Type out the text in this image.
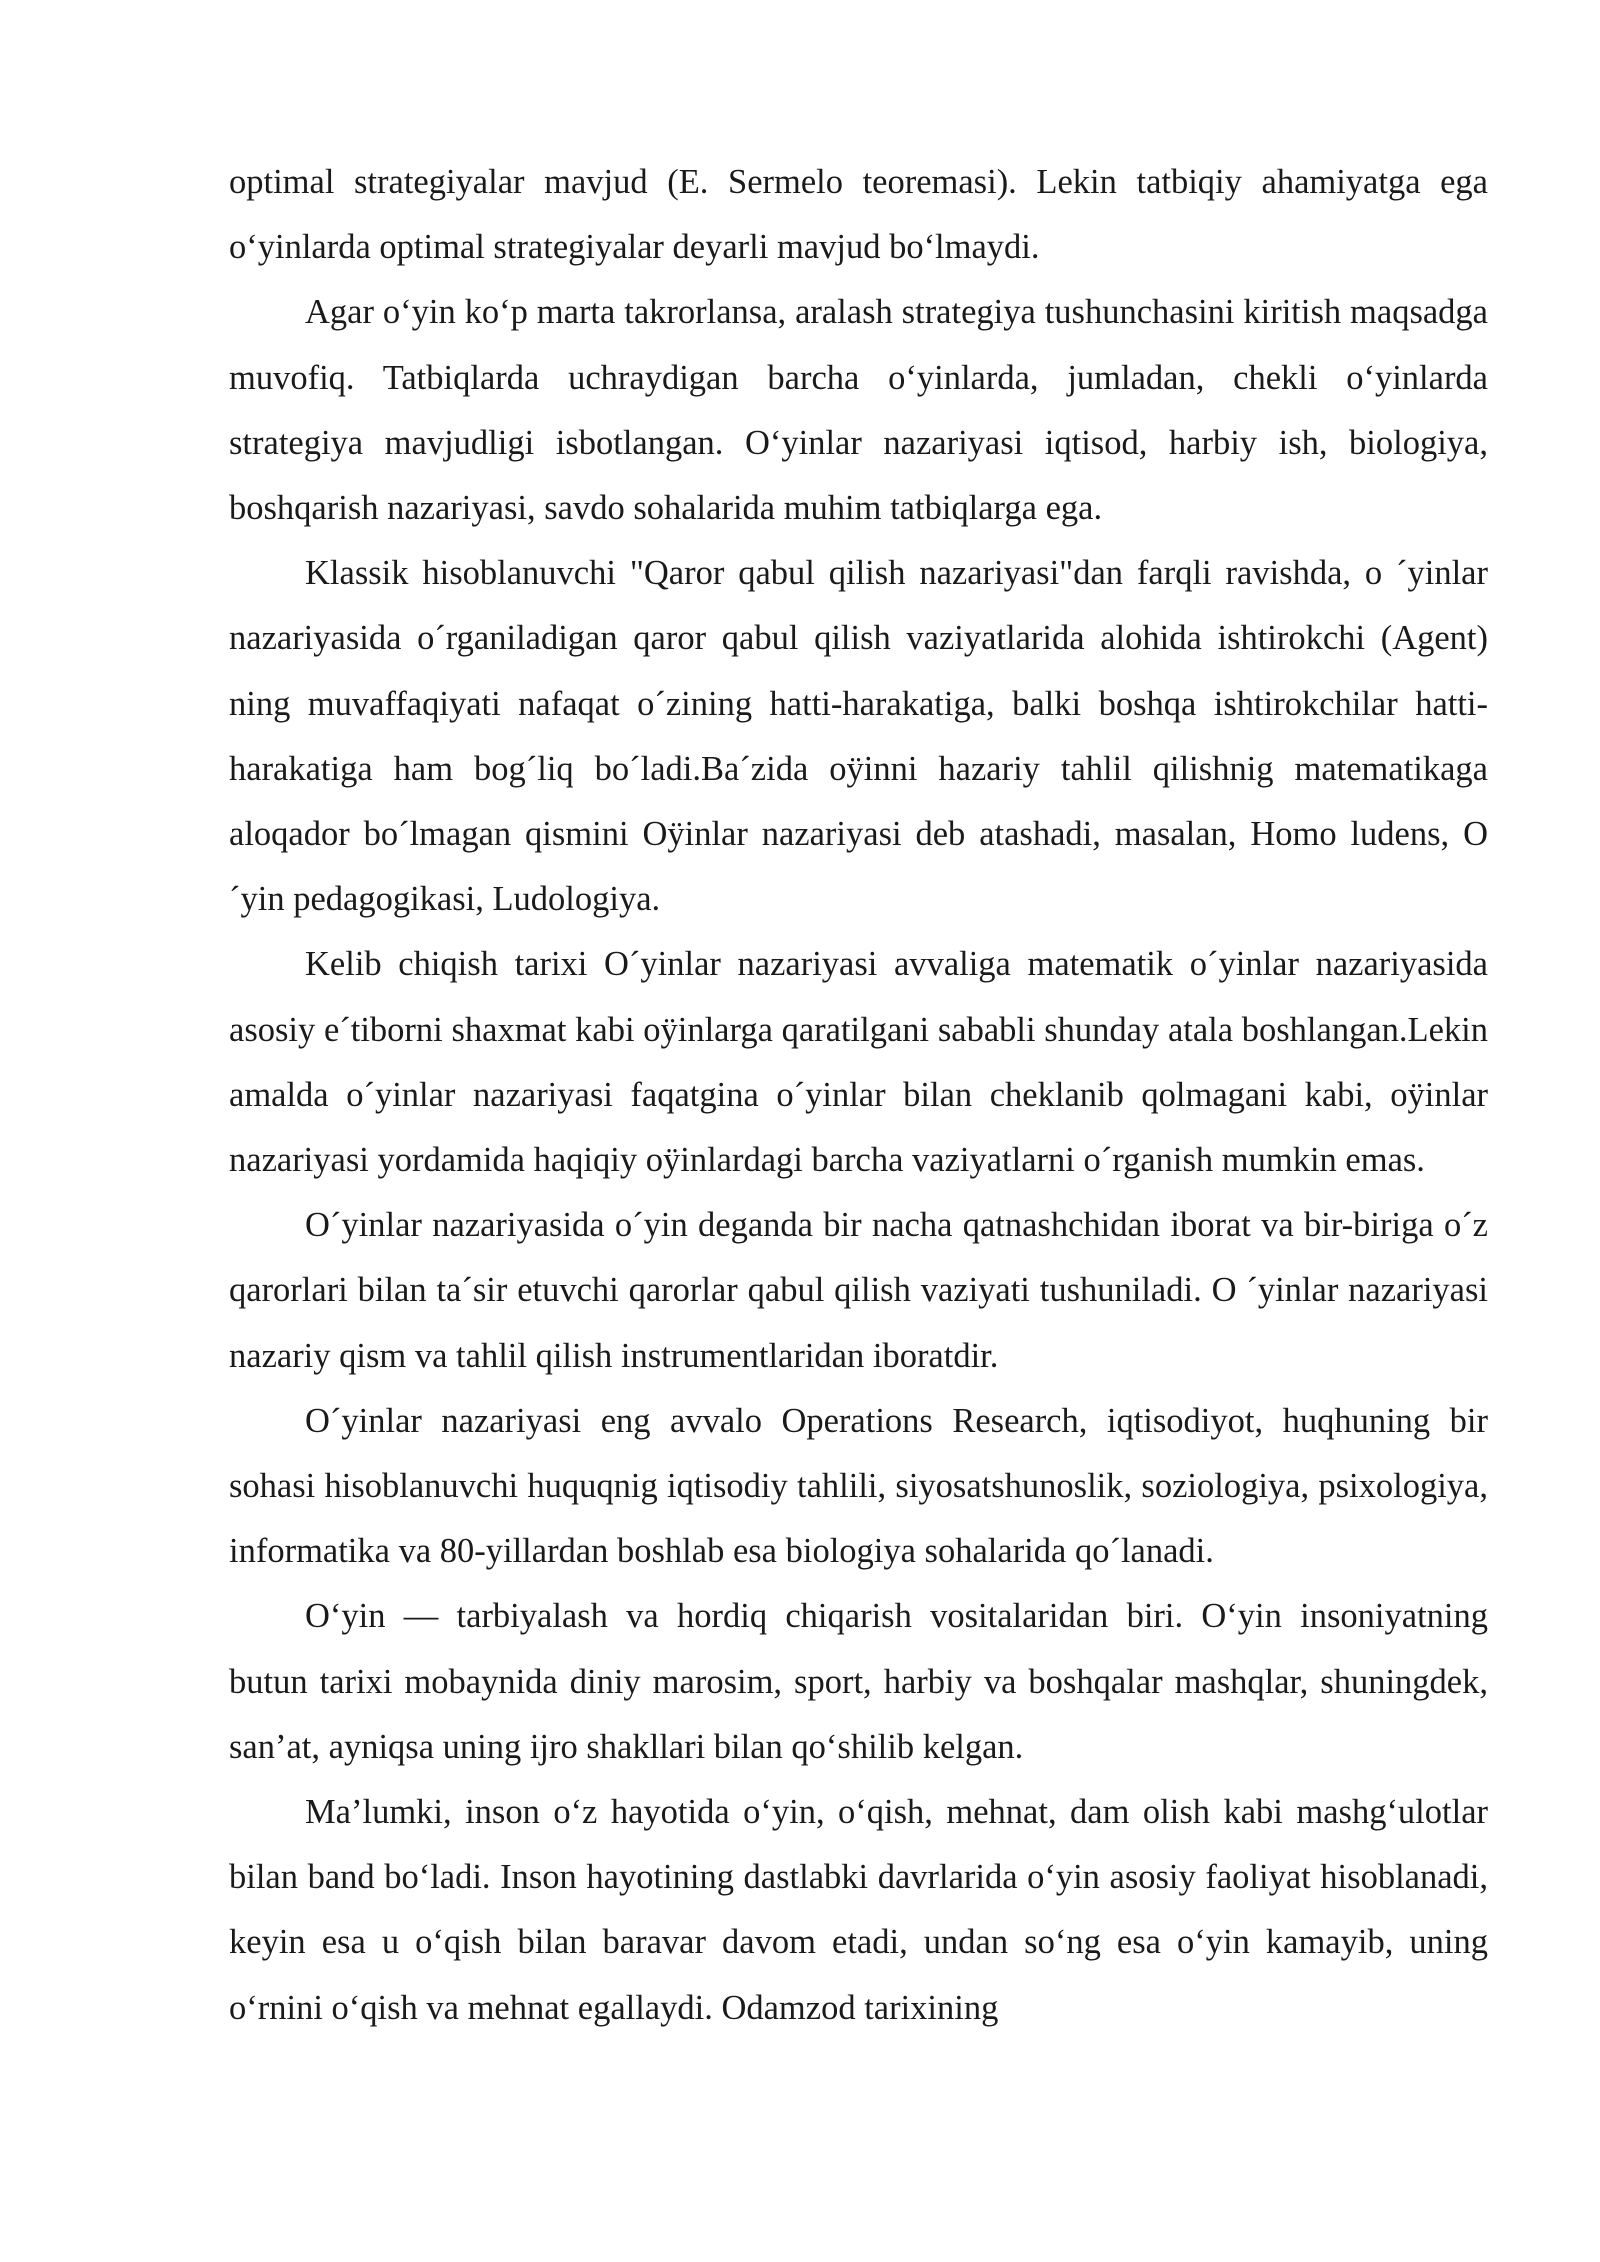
optimal strategiyalar mavjud (E. Sermelo teoremasi). Lekin tatbiqiy ahamiyatga ega o‘yinlarda optimal strategiyalar deyarli mavjud bo‘lmaydi.

Agar o‘yin ko‘p marta takrorlansa, aralash strategiya tushunchasini kiritish maqsadga muvofiq. Tatbiqlarda uchraydigan barcha o‘yinlarda, jumladan, chekli o‘yinlarda strategiya mavjudligi isbotlangan. O‘yinlar nazariyasi iqtisod, harbiy ish, biologiya, boshqarish nazariyasi, savdo sohalarida muhim tatbiqlarga ega.

Klassik hisoblanuvchi "Qaror qabul qilish nazariyasi"dan farqli ravishda, o ´yinlar nazariyasida o´rganiladigan qaror qabul qilish vaziyatlarida alohida ishtirokchi (Agent) ning muvaffaqiyati nafaqat o´zining hatti-harakatiga, balki boshqa ishtirokchilar hatti-harakatiga ham bog´liq bo´ladi.Ba´zida oÿinni hazariy tahlil qilishnig matematikaga aloqador bo´lmagan qismini Oÿinlar nazariyasi deb atashadi, masalan, Homo ludens, O´yin pedagogikasi, Ludologiya.

Kelib chiqish tarixi O´yinlar nazariyasi avvaliga matematik o´yinlar nazariyasida asosiy e´tiborni shaxmat kabi oÿinlarga qaratilgani sababli shunday atala boshlangan.Lekin amalda o´yinlar nazariyasi faqatgina o´yinlar bilan cheklanib qolmagani kabi, oÿinlar nazariyasi yordamida haqiqiy oÿinlardagi barcha vaziyatlarni o´rganish mumkin emas.

O´yinlar nazariyasida o´yin deganda bir nacha qatnashchidan iborat va bir-biriga o´z qarorlari bilan ta´sir etuvchi qarorlar qabul qilish vaziyati tushuniladi. O ´yinlar nazariyasi nazariy qism va tahlil qilish instrumentlaridan iboratdir.

O´yinlar nazariyasi eng avvalo Operations Research, iqtisodiyot, huqhuning bir sohasi hisoblanuvchi huquqnig iqtisodiy tahlili, siyosatshunoslik, soziologiya, psixologiya, informatika va 80-yillardan boshlab esa biologiya sohalarida qo´lanadi.

O‘yin — tarbiyalash va hordiq chiqarish vositalaridan biri. O‘yin insoniyatning butun tarixi mobaynida diniy marosim, sport, harbiy va boshqalar mashqlar, shuningdek, san’at, ayniqsa uning ijro shakllari bilan qo‘shilib kelgan.

Ma’lumki, inson o‘z hayotida o‘yin, o‘qish, mehnat, dam olish kabi mashg‘ulotlar bilan band bo‘ladi. Inson hayotining dastlabki davrlarida o‘yin asosiy faoliyat hisoblanadi, keyin esa u o‘qish bilan baravar davom etadi, undan so‘ng esa o‘yin kamayib, uning o‘rnini o‘qish va mehnat egallaydi. Odamzod tarixining
